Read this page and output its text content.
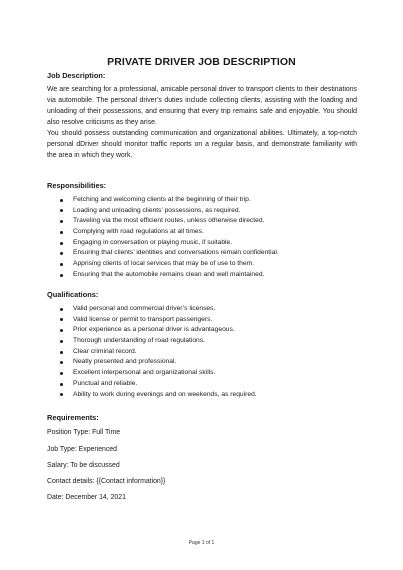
PRIVATE DRIVER JOB DESCRIPTION
Job Description:
We are searching for a professional, amicable personal driver to transport clients to their destinations
via automobile. The personal driver’s duties include collecting clients, assisting with the loading and
unloading of their possessions, and ensuring that every trip remains safe and enjoyable. You should
also resolve criticisms as they arise.
You should possess outstanding communication and organizational abilities. Ultimately, a top-notch
personal dDriver should monitor traffic reports on a regular basis, and demonstrate familiarity with
the area in which they work.
Responsibilities:
Fetching and welcoming clients at the beginning of their trip.
Loading and unloading clients’ possessions, as required.
Traveling via the most efficient routes, unless otherwise directed.
Complying with road regulations at all times.
Engaging in conversation or playing music, if suitable.
Ensuring that clients’ identities and conversations remain confidential.
Apprising clients of local services that may be of use to them.
Ensuring that the automobile remains clean and well maintained.
Qualifications:
Valid personal and commercial driver’s licenses.
Valid license or permit to transport passengers.
Prior experience as a personal driver is advantageous.
Thorough understanding of road regulations.
Clear criminal record.
Neatly presented and professional.
Excellent interpersonal and organizational skills.
Punctual and reliable.
Ability to work during evenings and on weekends, as required.
Requirements:
Position Type: Full Time
Job Type: Experienced
Salary: To be discussed
Contact details: {{Contact information}}
Date: December 14, 2021
Page 1 of 1
